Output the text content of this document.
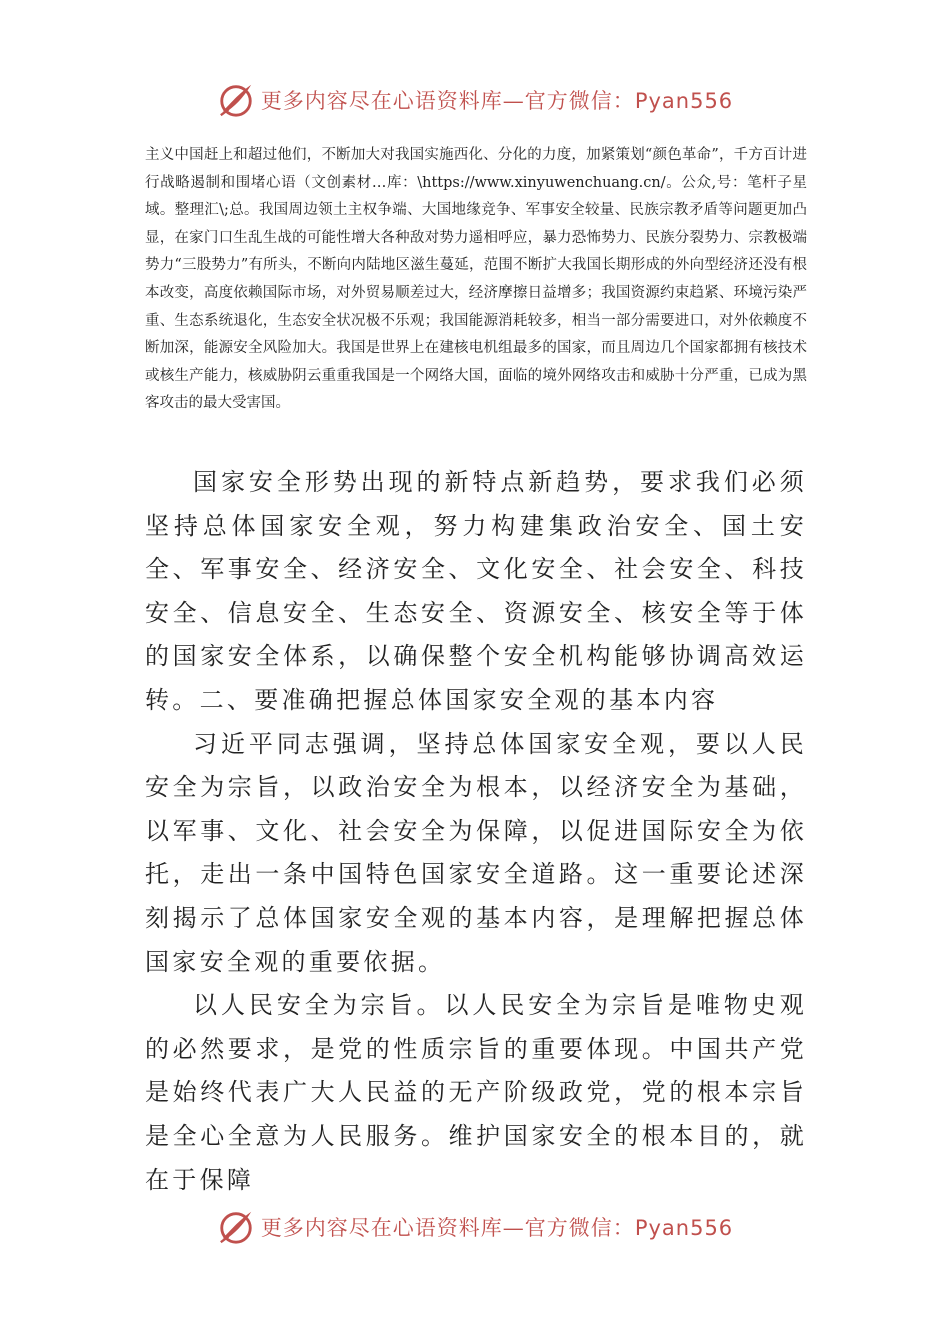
更多内容尽在心语资料库—官方微信：Pyan556

主义中国赶上和超过他们，不断加大对我国实施西化、分化的力度，加紧策划“颜色革命”，千方百计进行战略遏制和围堵心语（文创素材…库：\https://www.xinyuwenchuang.cn/。公众,号：笔杆子星域。整理汇\;总。我国周边领土主权争端、大国地缘竞争、军事安全较量、民族宗教矛盾等问题更加凸显，在家门口生乱生战的可能性增大各种敌对势力遥相呼应，暴力恐怖势力、民族分裂势力、宗教极端势力“三股势力”有所头，不断向内陆地区滋生蔓延，范围不断扩大我国长期形成的外向型经济还没有根本改变，高度依赖国际市场，对外贸易顺差过大，经济摩擦日益增多；我国资源约束趋紧、环境污染严重、生态系统退化，生态安全状况极不乐观；我国能源消耗较多，相当一部分需要进口，对外依赖度不断加深，能源安全风险加大。我国是世界上在建核电机组最多的国家，而且周边几个国家都拥有核技术或核生产能力，核威胁阴云重重我国是一个网络大国，面临的境外网络攻击和威胁十分严重，已成为黑客攻击的最大受害国。

国家安全形势出现的新特点新趋势，要求我们必须坚持总体国家安全观，努力构建集政治安全、国土安全、军事安全、经济安全、文化安全、社会安全、科技安全、信息安全、生态安全、资源安全、核安全等于体的国家安全体系，以确保整个安全机构能够协调高效运转。二、要准确把握总体国家安全观的基本内容

习近平同志强调，坚持总体国家安全观，要以人民安全为宗旨，以政治安全为根本，以经济安全为基础，以军事、文化、社会安全为保障，以促进国际安全为依托，走出一条中国特色国家安全道路。这一重要论述深刻揭示了总体国家安全观的基本内容，是理解把握总体国家安全观的重要依据。

以人民安全为宗旨。以人民安全为宗旨是唯物史观的必然要求，是党的性质宗旨的重要体现。中国共产党是始终代表广大人民益的无产阶级政党，党的根本宗旨是全心全意为人民服务。维护国家安全的根本目的，就在于保障

更多内容尽在心语资料库—官方微信：Pyan556
